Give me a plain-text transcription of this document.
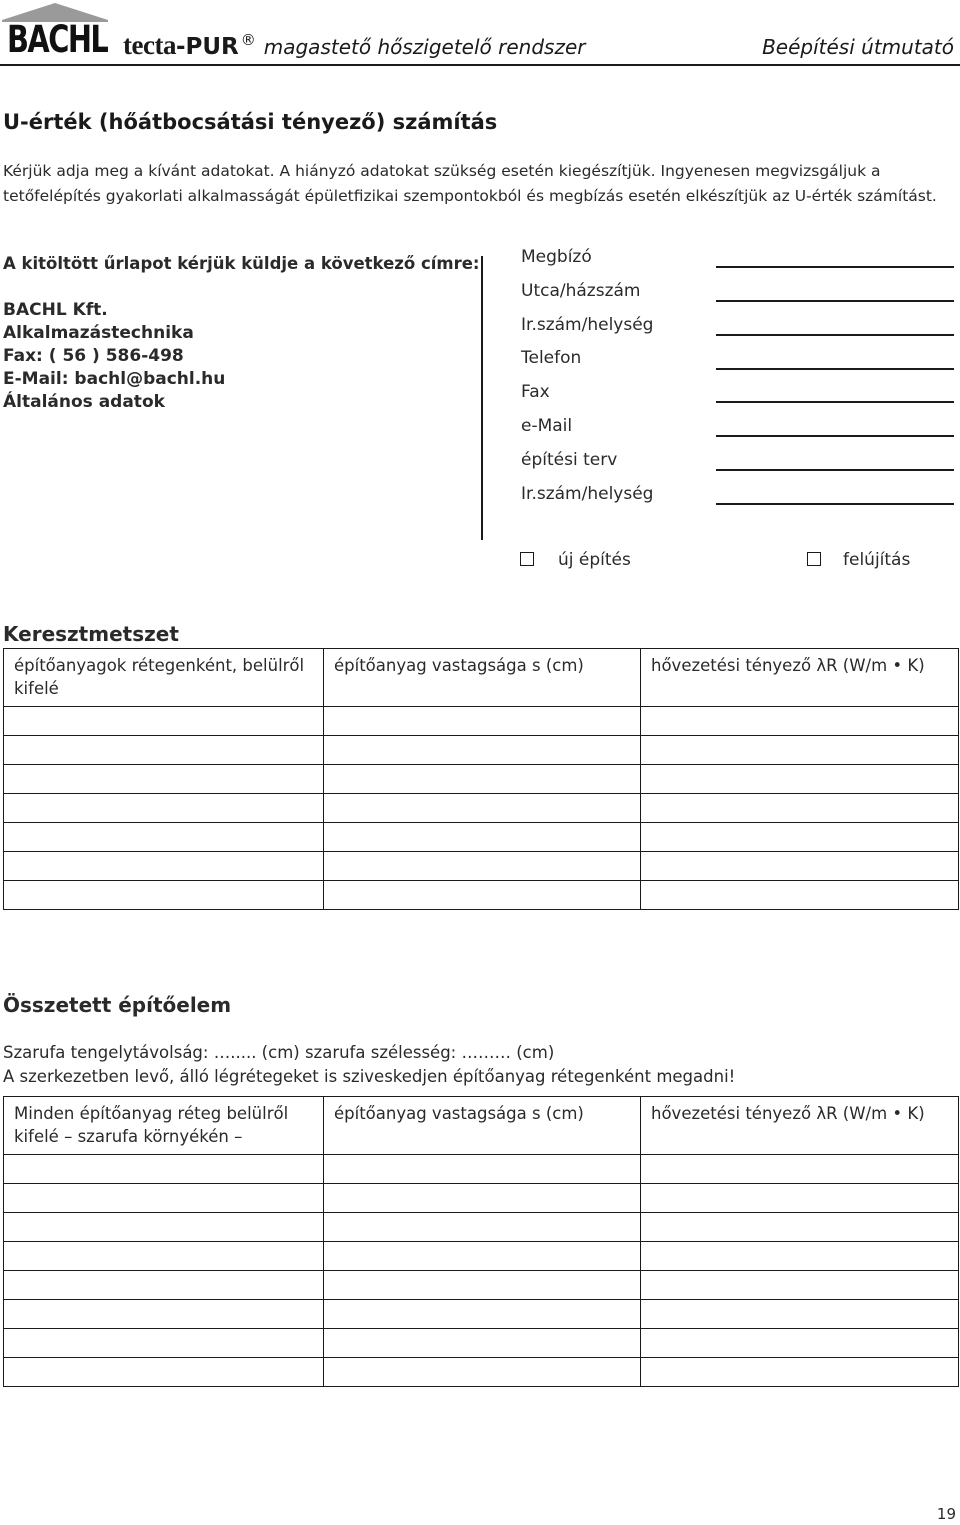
BACHL tecta-PUR ® magastető hőszigetelő rendszer	Beépítési útmutató
U-érték (hőátbocsátási tényező) számítás
Kérjük adja meg a kívánt adatokat. A hiányzó adatokat szükség esetén kiegészítjük. Ingyenesen megvizsgáljuk a tetőfelépítés gyakorlati alkalmasságát épületfizikai szempontokból és megbízás esetén elkészítjük az U-érték számítást.
A kitöltött űrlapot kérjük küldje a következő címre:
BACHL Kft.
Alkalmazástechnika
Fax: ( 56 ) 586-498
E-Mail: bachl@bachl.hu
Általános adatok
Megbízó
Utca/házszám
Ir.szám/helység
Telefon
Fax
e-Mail
építési terv
Ir.szám/helység
új építés	felújítás
Keresztmetszet
építőanyagok rétegenként, belülről kifelé	építőanyag vastagsága s (cm)	hővezetési tényező λR (W/m • K)

Összetett építőelem
Szarufa tengelytávolság: …..... (cm) szarufa szélesség: ……… (cm)
A szerkezetben levő, álló légrétegeket is sziveskedjen építőanyag rétegenként megadni!
Minden építőanyag réteg belülről kifelé – szarufa környékén –	építőanyag vastagsága s (cm)	hővezetési tényező λR (W/m • K)

19
